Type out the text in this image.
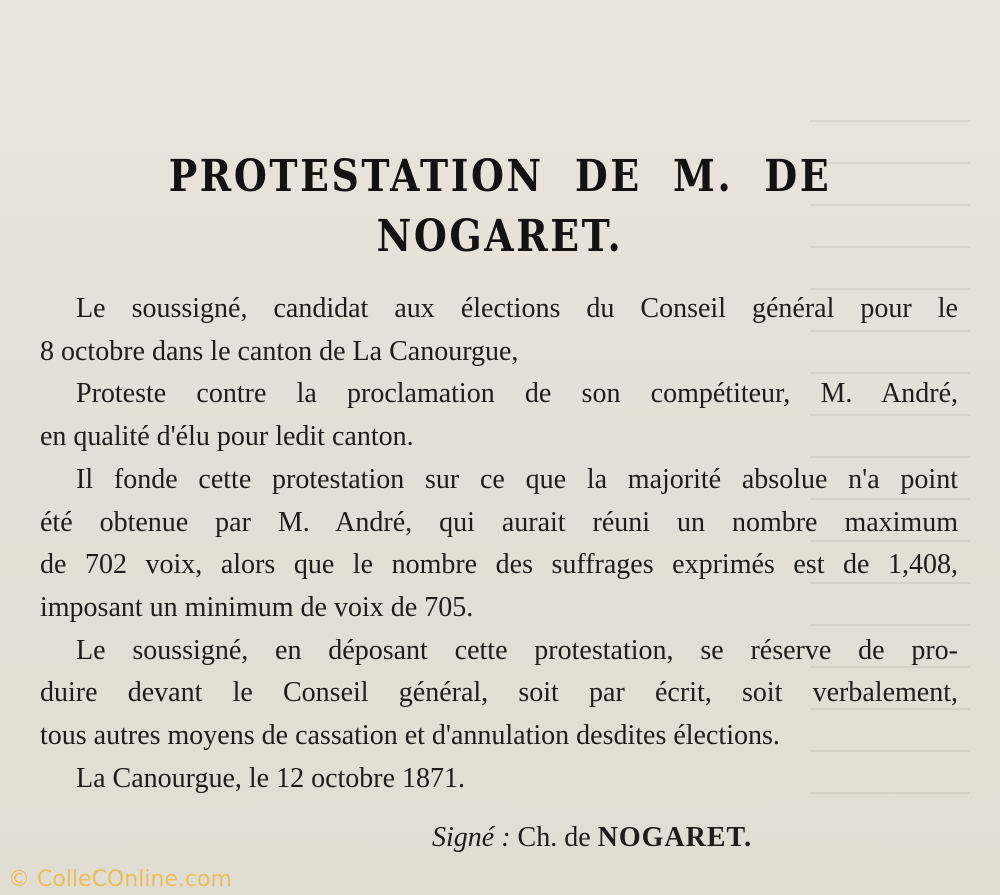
PROTESTATION DE M. DE NOGARET.

Le soussigné, candidat aux élections du Conseil général pour le
8 octobre dans le canton de La Canourgue,

Proteste contre la proclamation de son compétiteur, M. André,
en qualité d'élu pour ledit canton.

Il fonde cette protestation sur ce que la majorité absolue n'a point
été obtenue par M. André, qui aurait réuni un nombre maximum
de 702 voix, alors que le nombre des suffrages exprimés est de 1,408,
imposant un minimum de voix de 705.

Le soussigné, en déposant cette protestation, se réserve de pro-
duire devant le Conseil général, soit par écrit, soit verbalement,
tous autres moyens de cassation et d'annulation desdites élections.

La Canourgue, le 12 octobre 1871.

Signé : Ch. de NOGARET.
© ColleCOnline.com
